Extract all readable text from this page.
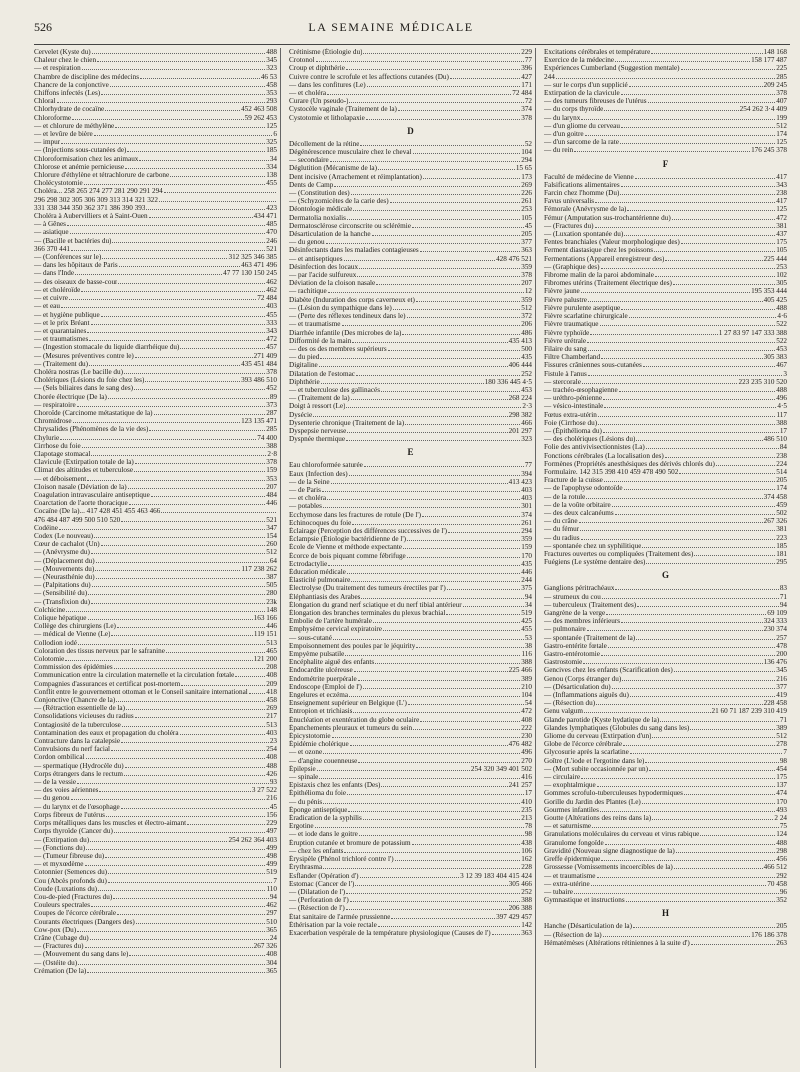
526	LA SEMAINE MÉDICALE
Cervelet (Kyste du)	488
Chaleur chez le chien	345
— et respiration	323
Chambre de discipline des médecins	46 53
Chancre de la conjonctive	458
Chiffons infectés (Les)	353
Chloral	293
Chlorhydrate de cocaïne	452 463 508
Chloroforme	59 262 453
— et chlorure de méthylène	125
— et levûre de bière	6
— impur	325
— (Injections sous-cutanées de)	185
Chloroformisation chez les animaux	34
Chlorose et anémie pernicieuse	334
Chlorure d'éthylène et tétrachlorure de carbone	138
Cholécystotomie	455
Choléra... 258 265 274 277 281 290 291 294
296 298 302 305 306 309 313 314 321 322
331 338 344 350 362 371 386 390 393	423
Choléra à Aubervilliers et à Saint-Ouen	434 471
— à Gênes	485
— asiatique	470
— (Bacille et bactéries du)	246
366 370 441	521
— (Conférences sur le)	312 325 346 385
— dans les hôpitaux de Paris	463 471 496
— dans l'Inde	47 77 130 150 245
— des oiseaux de basse-cour	462
— et choléroïde	462
— et cuivre	72 484
— et eau	403
— et hygiène publique	455
— et le prix Bréant	333
— et quarantaines	343
— et traumatismes	472
— (Ingestion stomacale du liquide diarrhéique du)	457
— (Mesures préventives contre le)	271 409
— (Traitement du)	435 451 484
Choléra nostras (Le bacille du)	378
Cholériques (Lésions du foie chez les)	393 486 510
— (Sels biliaires dans le sang des)	452
Chorée électrique (De la)	89
— respiratoire	373
Choroïde (Carcinome métastatique de la)	287
Chromidrose	123 135 471
Chrysalides (Phénomènes de la vie des)	285
Chylurie	74 400
Cirrhose du foie	388
Clapotage stomacal	2·8
Clavicule (Extirpation totale de la)	378
Climat des altitudes et tuberculose	159
— et déboisement	353
Cloison nasale (Déviation de la)	207
Coagulation intravasculaire antiseptique	484
Coarctation de l'aorte thoracique	446
Cocaïne (De la)... 417 428 451 455 463 466
476 484 487 499 500 510 520	521
Codéine	347
Codex (Le nouveau)	154
Cœur de cachalot (Un)	260
— (Anévrysme du)	512
— (Déplacement du)	64
— (Mouvements du)	117 238 262
— (Neurasthénie du)	387
— (Palpitations du)	505
— (Sensibilité du)	280
— (Transfixion du)	23k
Colchicine	148
Colique hépatique	163 166
Collège des chirurgiens (Le)	446
— médical de Vienne (Le)	119 151
Collodion iodé	513
Coloration des tissus nerveux par le safranine	465
Colotomie	121 200
Commission des épidémies	208
Communication entre la circulation maternelle et la circulation fœtale	408
Compagnies d'assurances et certificat post-mortem	209
Conflit entre le gouvernement ottoman et le Conseil sanitaire international	418
Conjonctive (Chancre de la)	458
— (Rétraction essentielle de la)	269
Consolidations vicieuses du radius	217
Contagiosité de la tuberculose	513
Contamination des eaux et propagation du choléra	403
Contracture dans la catalepsie	23
Convulsions du nerf facial	254
Cordon ombilical	408
— spermatique (Hydrocèle du)	488
Corps étrangers dans le rectum	426
— de la vessie	93
— des voies aériennes	3 27 522
— du genou	216
— du larynx et de l'œsophage	45
Corps fibreux de l'utérus	156
Corps métalliques dans les muscles et électro-aimant	229
Corps thyroïde (Cancer du)	497
— (Extirpation du)	254 262 364 403
— (Fonctions du)	499
— (Tumeur fibreuse du)	498
— et myxœdème	499
Cotonnier (Semences du)	519
Cou (Abcès profonds du)	7
Coude (Luxations du)	110
Cou-de-pied (Fractures du)	94
Couleurs spectrales	462
Coupes de l'écorce cérébrale	297
Courants électriques (Dangers des)	510
Cow-pox (Du)	365
Crâne (Cubage du)	24
— (Fractures du)	267 326
— (Mouvement du sang dans le)	408
— (Ostéite du)	304
Crémation (De la)	365
Crétinisme (Étiologie du)	229
Crotonol	77
Croup et diphthérie	396
Cuivre contre le scrofule et les affections cutanées (Du)	427
— dans les confitures (Le)	171
— et choléra	72 484
Curare (Un pseudo-)	72
Cystocèle vaginale (Traitement de la)	374
Cystotomie et litholapaxie	378
D
Décollement de la rétine	52
Dégénérescence musculaire chez le cheval	104
— secondaire	294
Déglutition (Mécanisme de la)	15 65
Dent incisive (Arrachement et réimplantation)	173
Dents de Camp	269
— (Constitution des)	226
— (Schyzomicètes de la carie des)	261
Déontologie médicale	253
Dermatolia noxialis	105
Dermatosclérose circonscrite ou sclérémie	45
Désarticulation de la hanche	205
— du genou	377
Désinfectants dans les maladies contagieuses	363
— et antiseptiques	428 476 521
Désinfection des locaux	359
— par l'acide sulfureux	378
Déviation de la cloison nasale	207
— rachitique	12
Diabète (Induration des corps caverneux et)	359
— (Lésion du sympathique dans le)	512
— (Perte des réflexes tendineux dans le)	372
— et traumatisme	206
Diarrhée infantile (Des microbes de la)	486
Difformité de la main	435 413
— des os des membres supérieurs	500
— du pied	435
Digitaline	406 444
Dilatation de l'estomac	252
Diphthérie	180 336 445 4·5
— et tuberculose des gallinacés	453
— (Traitement de la)	268 224
Doigt à ressort (Le)	2·3
Dysécie	298 382
Dysenterie chronique (Traitement de la)	466
Dyspepsie nerveuse	201 297
Dyspnée thermique	323
E
Eau chloroformée saturée	77
Eaux (Infection des)	394
— de la Seine	413 423
— de Paris	403
— et choléra	403
— potables	301
Ecchymose dans les fractures de rotule (De l')	374
Echinocoques du foie	261
Éclairage (Perception des différences successives de l')	294
Éclampsie (Étiologie bactéridienne de l')	359
École de Vienne et méthode expectante	159
Écorce de bois piquant comme fébrifuge	170
Ectrodactylie	435
Éducation médicale	446
Élasticité pulmonaire	244
Électrolyse (Du traitement des tumeurs érectiles par l')	375
Éléphantiasis des Arabes	94
Élongation du grand nerf sciatique et du nerf tibial antérieur	34
Élongation des branches terminales du plexus brachial	519
Embolie de l'artère humérale	425
Emphysème cervical expiratoire	455
— sous-cutané	53
Empoisonnement des poules par le jéquirity	38
Empyème pulsatile	116
Encéphalite aiguë des enfants	388
Endocardite ulcéreuse	225 466
Endométrite puerpérale	389
Endoscope (Emploi de l')	210
Engelures et eczéma	104
Enseignement supérieur en Belgique (L')	54
Entropion et trichiasis	472
Énucléation et exentération du globe oculaire	408
Épanchements pleuraux et tumeurs du sein	222
Épicystotomie	230
Épidémie cholérique	476 482
— et ozone	496
— d'angine couenneuse	270
Épilepsie	254 320 349 401 502
— spinale	416
Epistaxis chez les enfants (Des)	241 257
Épithélioma du foie	17
— du pénis	410
Éponge antiseptique	235
Éradication de la syphilis	213
Ergotine	78
— et iode dans le goitre	98
Éruption cutanée et bromure de potassium	438
— chez les enfants	106
Érysipèle (Phénol trichloré contre l')	162
Érythrasma	228
Esflander (Opération d')	3 12 39 183 404 415 424
Estomac (Cancer de l')	305 466
— (Dilatation de l')	252
— (Perforation de l')	388
— (Résection de l')	206 388
État sanitaire de l'armée prussienne	397 429 457
Éthérisation par la voie rectale	142
Exacerbation vespérale de la température physiologique (Causes de l')	363
Excitations cérébrales et température	148 168
Exercice de la médecine	158 177 487
Expériences Cumberland (Suggestion mentale)	225
244	285
— sur le corps d'un supplicié	209 245
Extirpation de la clavicule	378
— des tumeurs fibreuses de l'utérus	407
— du corps thyroïde	254 262 3·4 409
— du larynx	199
— d'un gliome du cerveau	512
— d'un goitre	174
— d'un sarcome de la rate	125
— du rein	176 245 378
F
Faculté de médecine de Vienne	417
Falsifications alimentaires	343
Farcin chez l'homme (Du)	238
Favus universalis	417
Fémorale (Anévrysme de la)	125
Fémur (Amputation sus-trochantérienne du)	472
— (Fractures du)	381
— (Luxation spontanée du)	437
Fentes branchiales (Valeur morphologique des)	175
Ferment diastasique chez les poissons	105
Fermentations (Appareil enregistreur des)	225 444
— (Graphique des)	253
Fibrome malin de la paroi abdominale	102
Fibromes utérins (Traitement électrique des)	305
Fièvre jaune	195 353 444
Fièvre palustre	405 425
Fièvre purulente aseptique	488
Fièvre scarlatine chirurgicale	4·6
Fièvre traumatique	522
Fièvre typhoïde	1 27 83 97 147 333 388
Fièvre urétrale	522
Filaire du sang	453
Filtre Chamberland	305 383
Fissures crâniennes sous-cutanées	467
Fistule à l'anus	3
— stercorale	223 235 310 520
— trachéo-œsophagienne	488
— uréthro-pénienne	496
— vésico-intestinale	4·5
Fœtus extra-utérin	117
Foie (Cirrhose du)	388
— (Épithélioma du)	17
— des cholériques (Lésions du)	486 510
Folie des antivivisectionnistes (La)	84
Fonctions cérébrales (La localisation des)	238
Formènes (Propriétés anesthésiques des dérivés chlorés du)	224
Formulaire. 142 315 398 410 459 478 490 502	514
Fracture de la cuisse	205
— de l'apophyse odontoïde	174
— de la rotule	374 458
— de la voûte orbitaire	459
— des deux calcanéums	502
— du crâne	267 326
— du fémur	381
— du radius	223
— spontanée chez un syphilitique	185
Fractures ouvertes ou compliquées (Traitement des)	181
Fuégiens (Le système dentaire des)	295
G
Ganglions péritrachéaux	83
— strumeux du cou	71
— tuberculeux (Traitement des)	94
Gangrène de la verge	69 109
— des membres inférieurs	324 333
— pulmonaire	230 374
— spontanée (Traitement de la)	257
Gastro-entérite fœtale	478
Gastro-entérotomie	200
Gastrostomie	136 476
Gencives chez les enfants (Scarification des)	345
Genou (Corps étranger du)	216
— (Désarticulation du)	377
— (Inflammations aiguës du)	419
— (Résection du)	228 458
Genu valgum	21 60 71 187 239 310 419
Glande parotide (Kyste hydatique de la)	71
Glandes lymphatiques (Globules du sang dans les)	389
Gliome du cerveau (Extirpation d'un)	512
Globe de l'écorce cérébrale	278
Glycosurie après la scarlatine	7
Goître (L'iode et l'ergotine dans le)	98
— (Mort subite occasionnée par un)	454
— circulaire	175
— exophtalmique	137
Gommes scrofulo-tuberculeuses hypodermiques	474
Gorille du Jardin des Plantes (Le)	170
Gourmes infantiles	493
Goutte (Altérations des reins dans la)	2 24
— et saturnisme	75
Granulations moléculaires du cerveau et virus rabique	124
Granulome fongoïde	488
Gravidité (Nouveau signe diagnostique de la)	298
Greffe épidermique	456
Grossesse (Vomissements incoercibles de la)	466 512
— et traumatisme	292
— extra-utérine	70 458
— tubaire	96
Gymnastique et instructions	352
H
Hanche (Désarticulation de la)	205
— (Résection de la)	176 186 378
Hématémèses (Altérations rétiniennes à la suite d')	263
